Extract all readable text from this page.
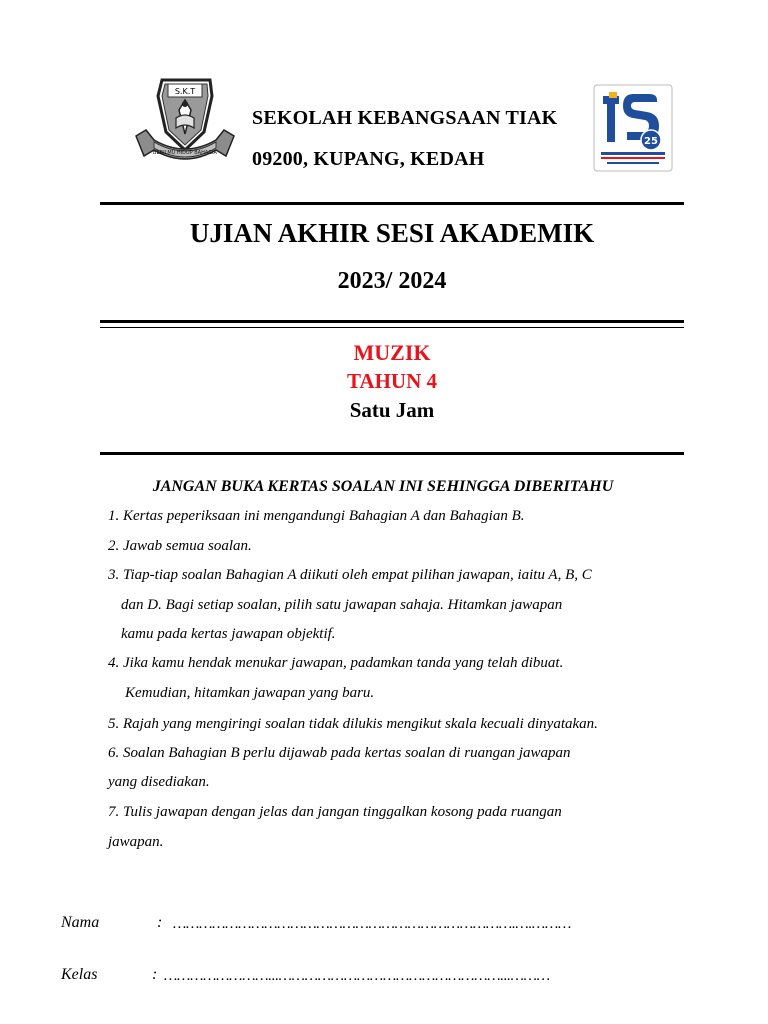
S.K.T
BERILMU HIDUP BAHAGIA
SEKOLAH KEBANGSAAN TIAK
09200, KUPANG, KEDAH
25
UJIAN AKHIR SESI AKADEMIK
2023/ 2024
MUZIK
TAHUN 4
Satu Jam
JANGAN BUKA KERTAS SOALAN INI SEHINGGA DIBERITAHU
1. Kertas peperiksaan ini mengandungi Bahagian A dan Bahagian B.
2. Jawab semua soalan.
3. Tiap-tiap soalan Bahagian A diikuti oleh empat pilihan jawapan, iaitu A, B, C
dan D. Bagi setiap soalan, pilih satu jawapan sahaja. Hitamkan jawapan
kamu pada kertas jawapan objektif.
4. Jika kamu hendak menukar jawapan, padamkan tanda yang telah dibuat.
Kemudian, hitamkan jawapan yang baru.
5. Rajah yang mengiringi soalan tidak dilukis mengikut skala kecuali dinyatakan.
6. Soalan Bahagian B perlu dijawab pada kertas soalan di ruangan jawapan
yang disediakan.
7. Tulis jawapan dengan jelas dan jangan tinggalkan kosong pada ruangan
jawapan.
Nama	: …………………………………………………………………….….………
Kelas	: ……………………...……………………………………………...………
